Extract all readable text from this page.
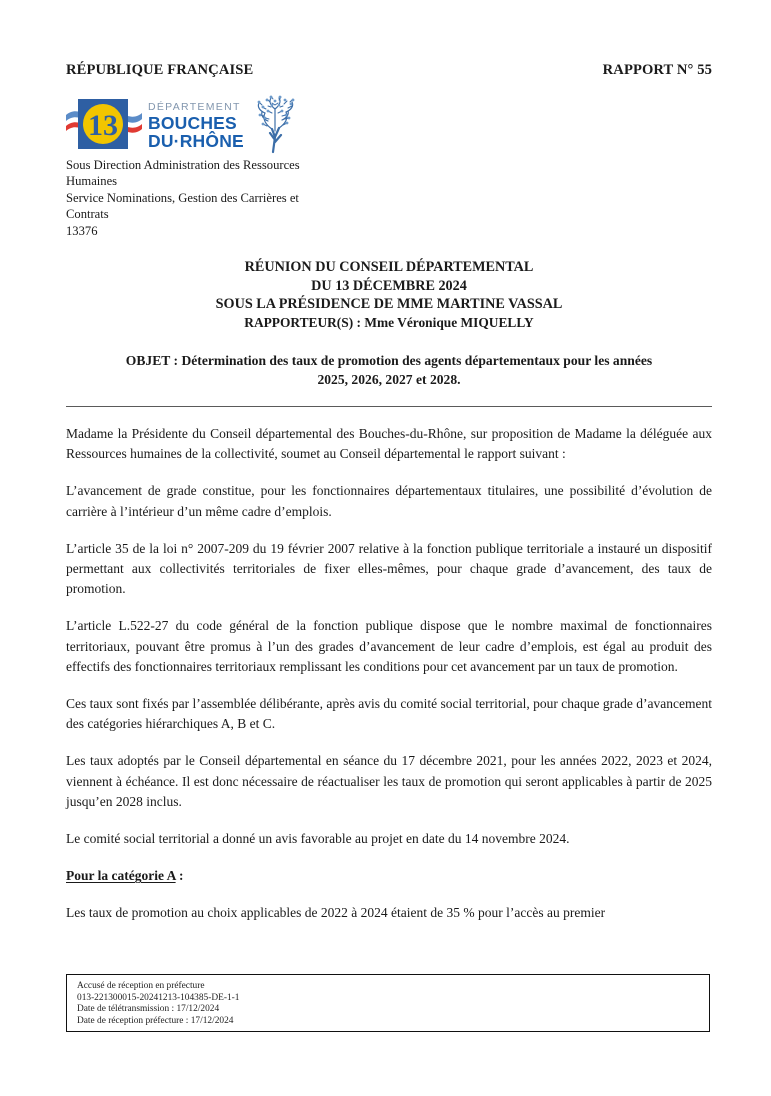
RÉPUBLIQUE FRANÇAISE	RAPPORT N° 55
13
DÉPARTEMENT
BOUCHES
DU·RHÔNE
Sous Direction Administration des Ressources
Humaines
Service Nominations, Gestion des Carrières et
Contrats
13376
RÉUNION DU CONSEIL DÉPARTEMENTAL
DU 13 DÉCEMBRE 2024
SOUS LA PRÉSIDENCE DE MME MARTINE VASSAL
RAPPORTEUR(S) : Mme Véronique MIQUELLY
OBJET : Détermination des taux de promotion des agents départementaux pour les années
2025, 2026, 2027 et 2028.

Madame la Présidente du Conseil départemental des Bouches-du-Rhône, sur proposition de Madame la déléguée aux Ressources humaines de la collectivité, soumet au Conseil départemental le rapport suivant :

L’avancement de grade constitue, pour les fonctionnaires départementaux titulaires, une possibilité d’évolution de carrière à l’intérieur d’un même cadre d’emplois.

L’article 35 de la loi n° 2007-209 du 19 février 2007 relative à la fonction publique territoriale a instauré un dispositif permettant aux collectivités territoriales de fixer elles-mêmes, pour chaque grade d’avancement, des taux de promotion.

L’article L.522-27 du code général de la fonction publique dispose que le nombre maximal de fonctionnaires territoriaux, pouvant être promus à l’un des grades d’avancement de leur cadre d’emplois, est égal au produit des effectifs des fonctionnaires territoriaux remplissant les conditions pour cet avancement par un taux de promotion.

Ces taux sont fixés par l’assemblée délibérante, après avis du comité social territorial, pour chaque grade d’avancement des catégories hiérarchiques A, B et C.

Les taux adoptés par le Conseil départemental en séance du 17 décembre 2021, pour les années 2022, 2023 et 2024, viennent à échéance. Il est donc nécessaire de réactualiser les taux de promotion qui seront applicables à partir de 2025 jusqu’en 2028 inclus.

Le comité social territorial a donné un avis favorable au projet en date du 14 novembre 2024.

Pour la catégorie A :

Les taux de promotion au choix applicables de 2022 à 2024 étaient de 35 % pour l’accès au premier

Accusé de réception en préfecture
013-221300015-20241213-104385-DE-1-1
Date de télétransmission : 17/12/2024
Date de réception préfecture : 17/12/2024
